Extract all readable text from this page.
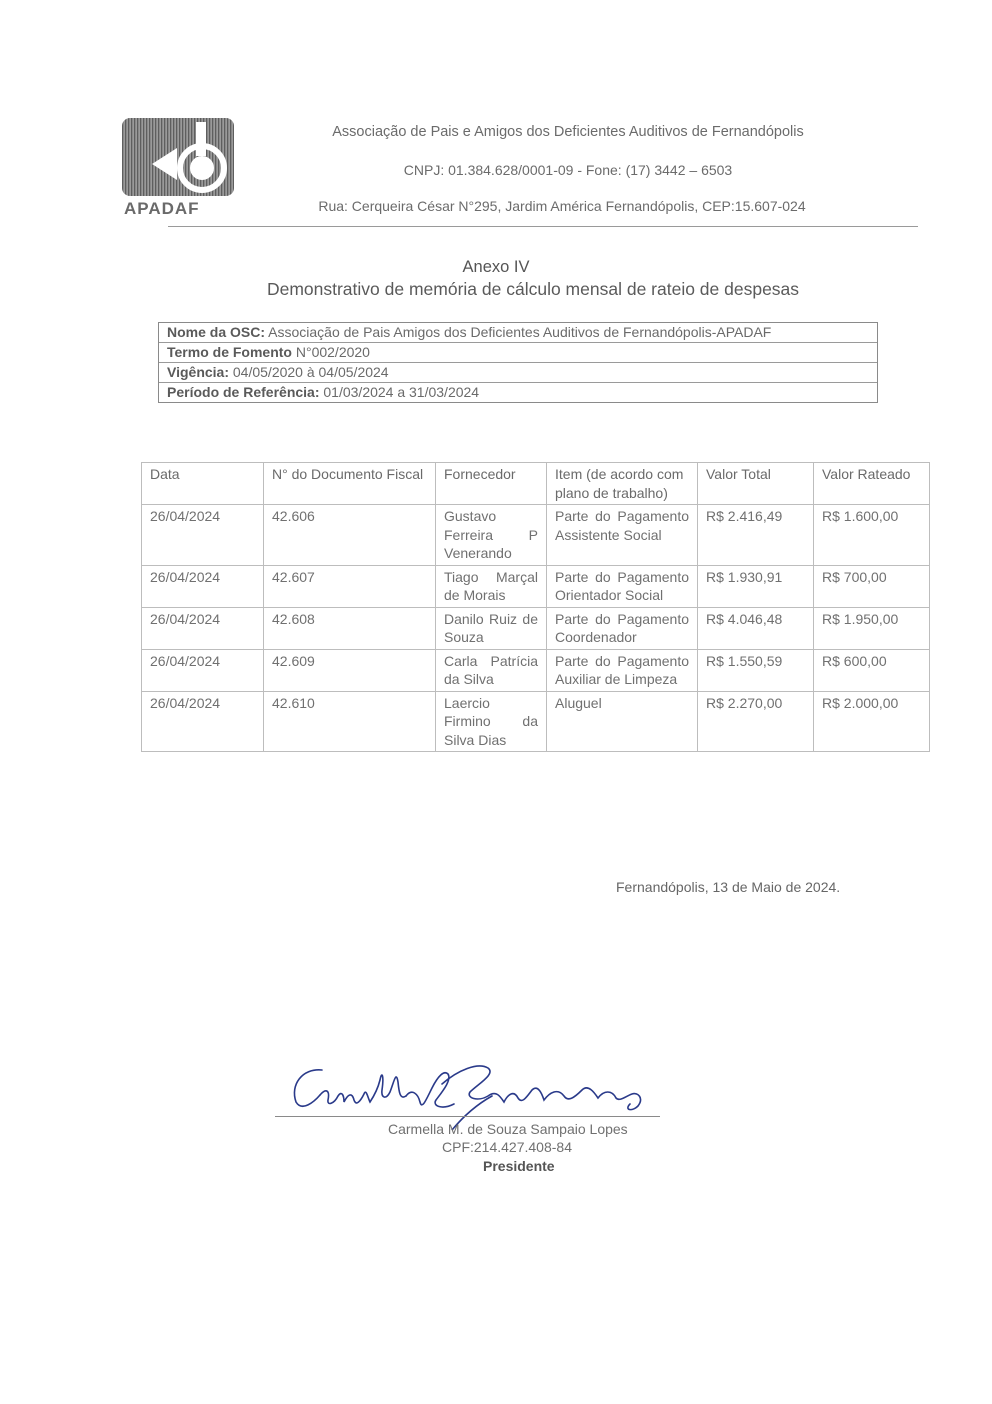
APADAF
Associação de Pais e Amigos dos Deficientes Auditivos de Fernandópolis
CNPJ: 01.384.628/0001-09 - Fone: (17) 3442 – 6503
Rua: Cerqueira César N°295, Jardim América Fernandópolis, CEP:15.607-024
Anexo IV
Demonstrativo de memória de cálculo mensal de rateio de despesas
Nome da OSC: Associação de Pais Amigos dos Deficientes Auditivos de Fernandópolis-APADAF
Termo de Fomento N°002/2020
Vigência: 04/05/2020 à 04/05/2024
Período de Referência: 01/03/2024 a 31/03/2024
Data	N° do Documento Fiscal	Fornecedor	Item (de acordo com plano de trabalho)	Valor Total	Valor Rateado
26/04/2024	42.606	Gustavo Ferreira P Venerando	Parte do Pagamento Assistente Social	R$ 2.416,49	R$ 1.600,00
26/04/2024	42.607	Tiago Marçal de Morais	Parte do Pagamento Orientador Social	R$ 1.930,91	R$ 700,00
26/04/2024	42.608	Danilo Ruiz de Souza	Parte do Pagamento Coordenador	R$ 4.046,48	R$ 1.950,00
26/04/2024	42.609	Carla Patrícia da Silva	Parte do Pagamento Auxiliar de Limpeza	R$ 1.550,59	R$ 600,00
26/04/2024	42.610	Laercio Firmino da Silva Dias	Aluguel	R$ 2.270,00	R$ 2.000,00
Fernandópolis, 13 de Maio de 2024.
Carmella M. de Souza Sampaio Lopes
CPF:214.427.408-84
Presidente
